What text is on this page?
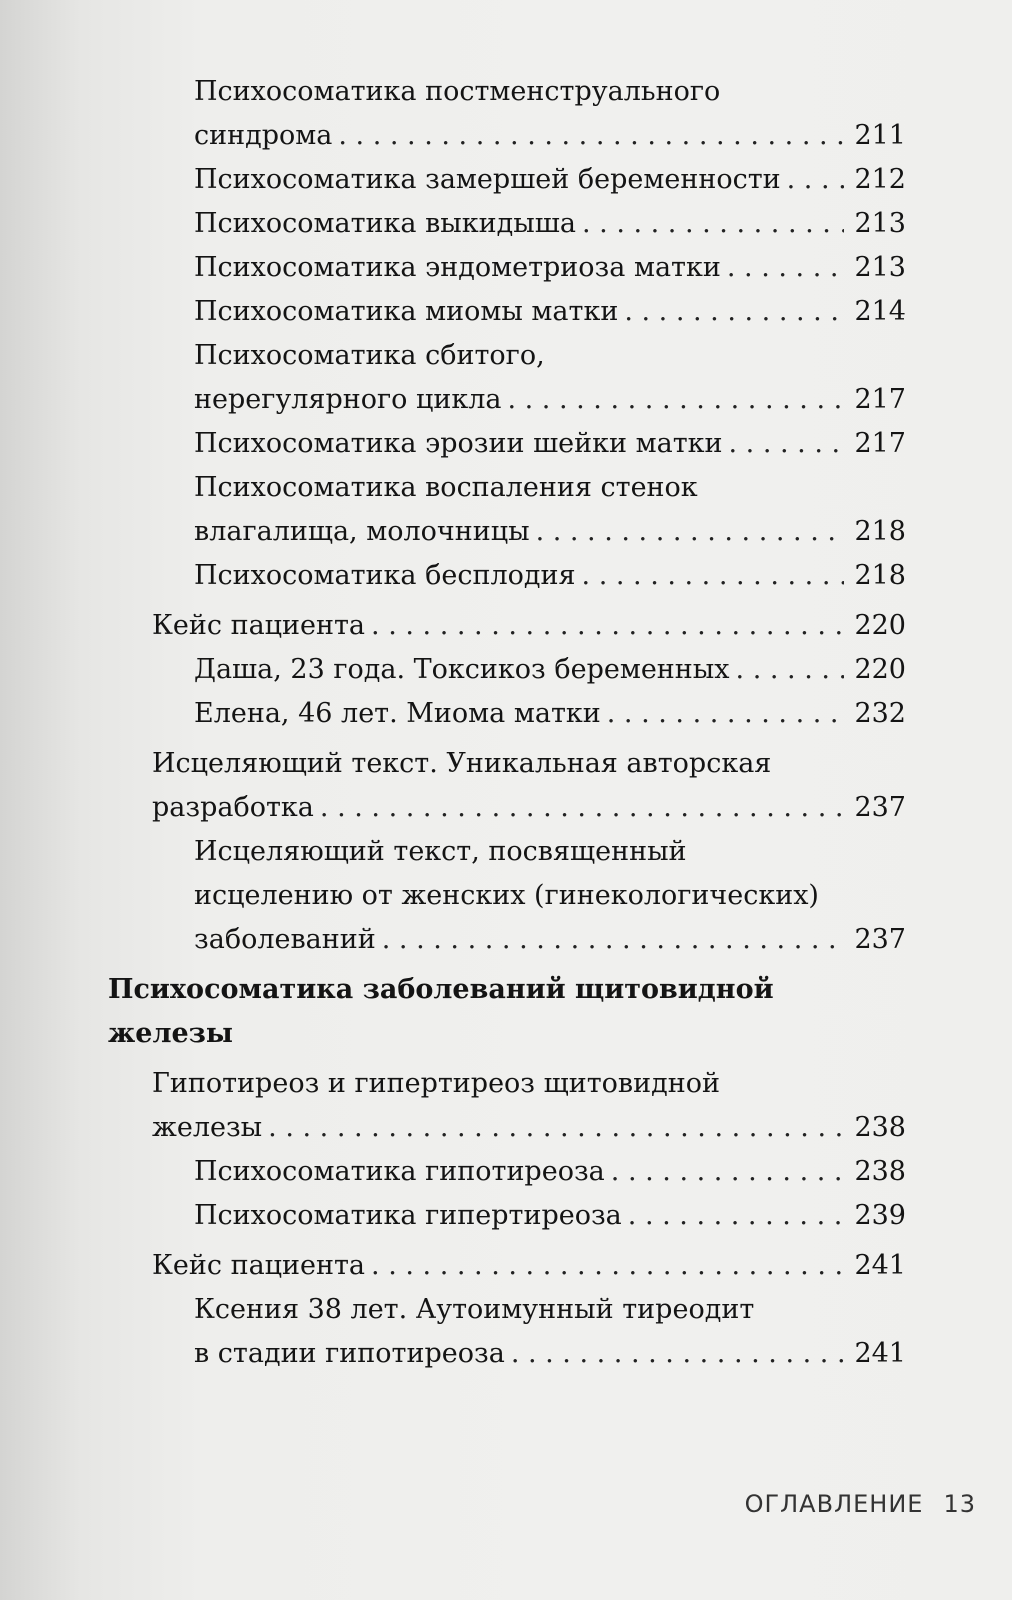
Психосоматика постменструального
синдрома . . .	211
Психосоматика замершей беременности . . .	212
Психосоматика выкидыша . . .	213
Психосоматика эндометриоза матки . . .	213
Психосоматика миомы матки . . .	214
Психосоматика сбитого,
нерегулярного цикла . . .	217
Психосоматика эрозии шейки матки . . .	217
Психосоматика воспаления стенок
влагалища, молочницы . . .	218
Психосоматика бесплодия . . .	218
Кейс пациента . . .	220
Даша, 23 года. Токсикоз беременных . . .	220
Елена, 46 лет. Миома матки . . .	232
Исцеляющий текст. Уникальная авторская
разработка . . .	237
Исцеляющий текст, посвященный
исцелению от женских (гинекологических)
заболеваний . . .	237
Психосоматика заболеваний щитовидной
железы
Гипотиреоз и гипертиреоз щитовидной
железы . . .	238
Психосоматика гипотиреоза . . .	238
Психосоматика гипертиреоза . . .	239
Кейс пациента . . .	241
Ксения 38 лет. Аутоимунный тиреодит
в стадии гипотиреоза . . .	241
ОГЛАВЛЕНИЕ 13
